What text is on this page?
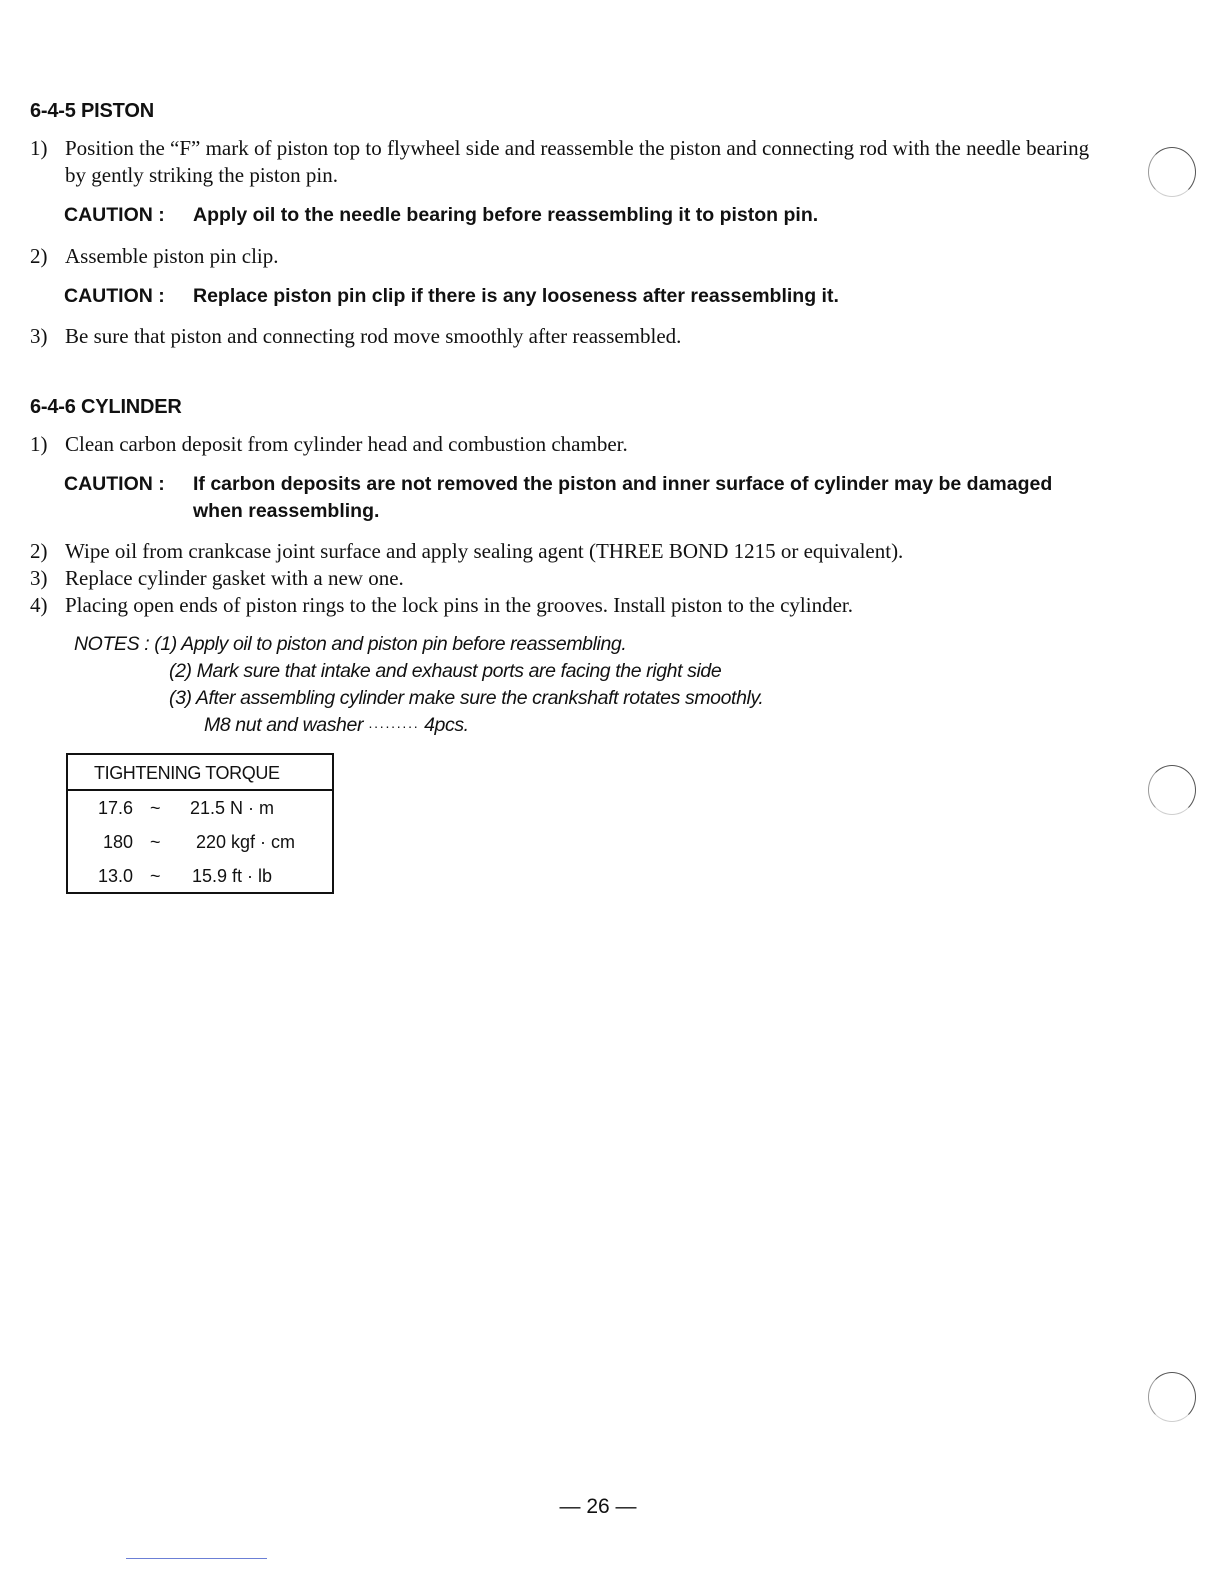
6-4-5 PISTON
1) Position the “F” mark of piston top to flywheel side and reassemble the piston and connecting rod with the needle bearing by gently striking the piston pin.
CAUTION : Apply oil to the needle bearing before reassembling it to piston pin.
2) Assemble piston pin clip.
CAUTION : Replace piston pin clip if there is any looseness after reassembling it.
3) Be sure that piston and connecting rod move smoothly after reassembled.
6-4-6 CYLINDER
1) Clean carbon deposit from cylinder head and combustion chamber.
CAUTION : If carbon deposits are not removed the piston and inner surface of cylinder may be damaged when reassembling.
2) Wipe oil from crankcase joint surface and apply sealing agent (THREE BOND 1215 or equivalent).
3) Replace cylinder gasket with a new one.
4) Placing open ends of piston rings to the lock pins in the grooves. Install piston to the cylinder.
NOTES : (1) Apply oil to piston and piston pin before reassembling.
(2) Mark sure that intake and exhaust ports are facing the right side
(3) After assembling cylinder make sure the crankshaft rotates smoothly.
M8 nut and washer ········· 4pcs.
TIGHTENING TORQUE
17.6 ~ 21.5 N · m
180 ~ 220 kgf · cm
13.0 ~ 15.9 ft · lb
— 26 —
